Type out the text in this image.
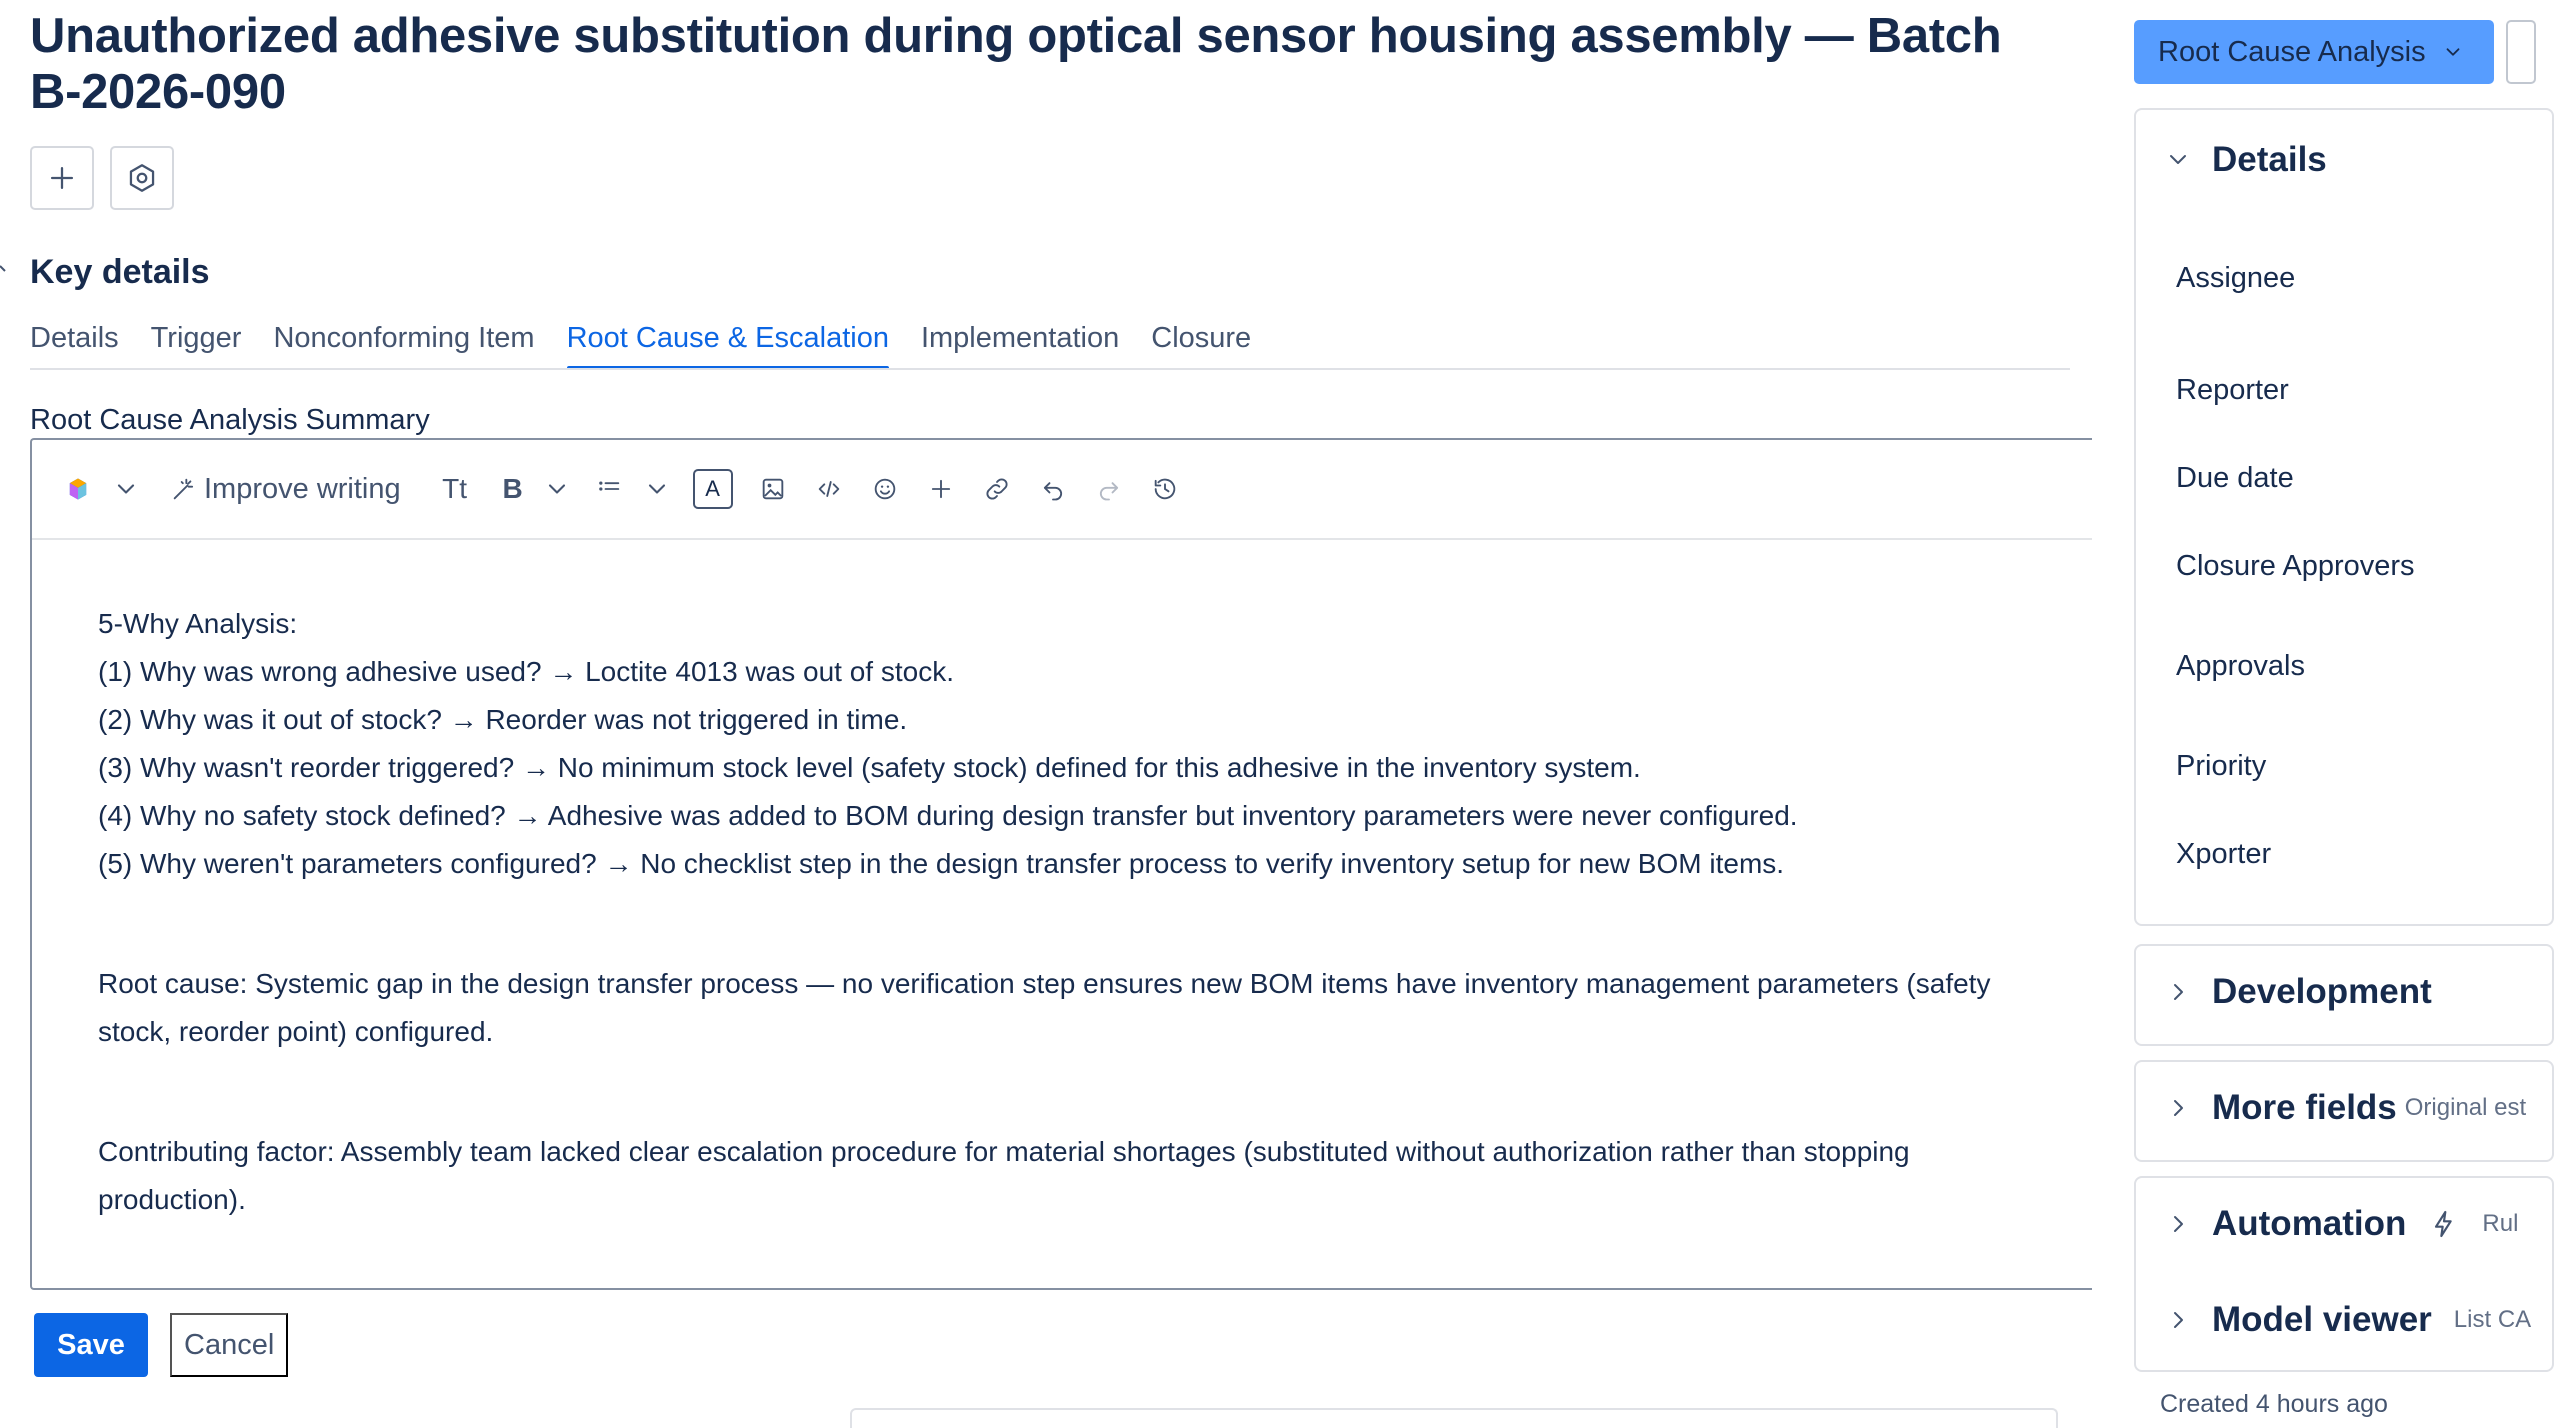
Unauthorized adhesive substitution during optical sensor housing assembly — Batch B-2026-090
Key details
Details Trigger Nonconforming Item Root Cause & Escalation Implementation Closure
Root Cause Analysis Summary
Improve writing Tt B	A

5-Why Analysis:

(1) Why was wrong adhesive used? → Loctite 4013 was out of stock.

(2) Why was it out of stock? → Reorder was not triggered in time.

(3) Why wasn't reorder triggered? → No minimum stock level (safety stock) defined for this adhesive in the inventory system.

(4) Why no safety stock defined? → Adhesive was added to BOM during design transfer but inventory parameters were never configured.

(5) Why weren't parameters configured? → No checklist step in the design transfer process to verify inventory setup for new BOM items.

Root cause: Systemic gap in the design transfer process — no verification step ensures new BOM items have inventory management parameters (safety stock, reorder point) configured.

Contributing factor: Assembly team lacked clear escalation procedure for material shortages (substituted without authorization rather than stopping production).

Save	Cancel
Root Cause Analysis
Details
Assignee
Reporter
Due date
Closure Approvers
Approvals
Priority
Xporter
Development
More fields Original est
Automation	Rul
Model viewer List CA
Created 4 hours ago
